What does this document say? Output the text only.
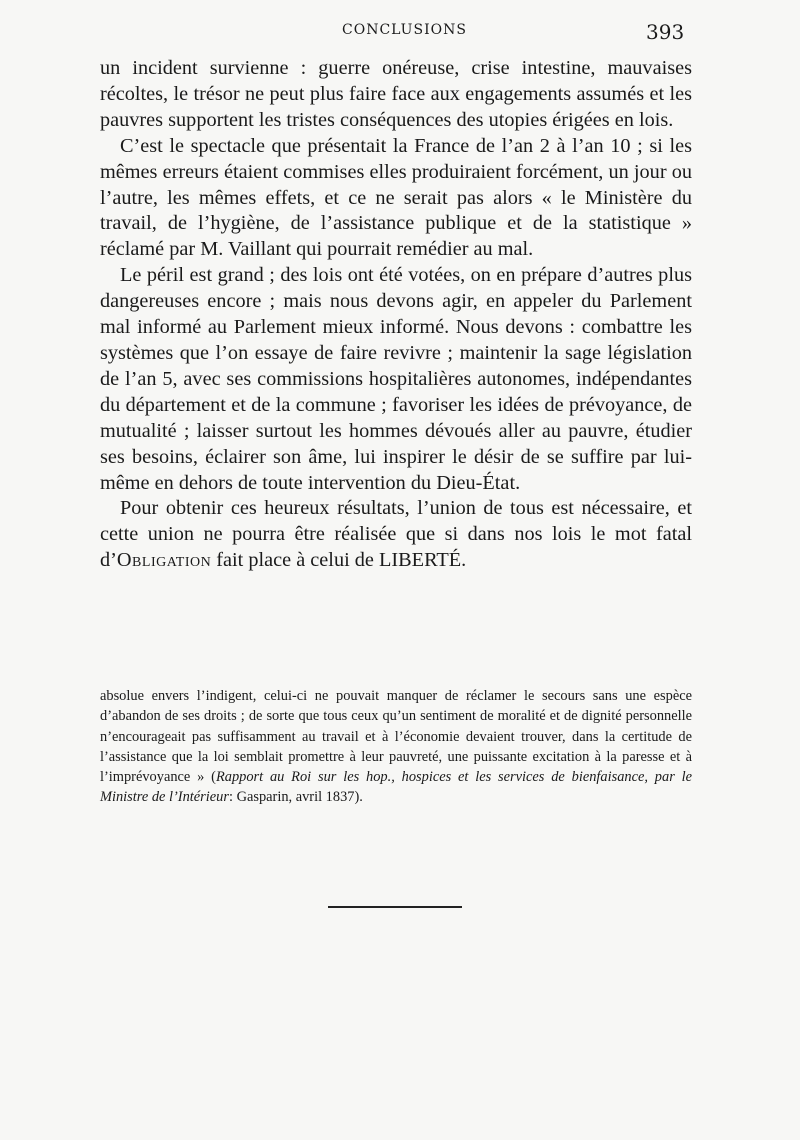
CONCLUSIONS	393

un incident survienne : guerre onéreuse, crise intestine, mauvaises récoltes, le trésor ne peut plus faire face aux engagements assumés et les pauvres supportent les tristes conséquences des utopies érigées en lois.

C’est le spectacle que présentait la France de l’an 2 à l’an 10 ; si les mêmes erreurs étaient commises elles produiraient forcément, un jour ou l’autre, les mêmes effets, et ce ne serait pas alors « le Ministère du travail, de l’hygiène, de l’assistance publique et de la statistique » réclamé par M. Vaillant qui pourrait remédier au mal.

Le péril est grand ; des lois ont été votées, on en prépare d’autres plus dangereuses encore ; mais nous devons agir, en appeler du Parlement mal informé au Parlement mieux informé. Nous devons : combattre les systèmes que l’on essaye de faire revivre ; maintenir la sage législation de l’an 5, avec ses commissions hospitalières autonomes, indépendantes du département et de la commune ; favoriser les idées de prévoyance, de mutualité ; laisser surtout les hommes dévoués aller au pauvre, étudier ses besoins, éclairer son âme, lui inspirer le désir de se suffire par lui-même en dehors de toute intervention du Dieu-État.

Pour obtenir ces heureux résultats, l’union de tous est nécessaire, et cette union ne pourra être réalisée que si dans nos lois le mot fatal d’Obligation fait place à celui de LIBERTÉ.

absolue envers l’indigent, celui-ci ne pouvait manquer de réclamer le secours sans une espèce d’abandon de ses droits ; de sorte que tous ceux qu’un sentiment de moralité et de dignité personnelle n’encourageait pas suffisamment au travail et à l’économie devaient trouver, dans la certitude de l’assistance que la loi semblait promettre à leur pauvreté, une puissante excitation à la paresse et à l’imprévoyance » (Rapport au Roi sur les hop., hospices et les services de bienfaisance, par le Ministre de l’Intérieur: Gasparin, avril 1837).
